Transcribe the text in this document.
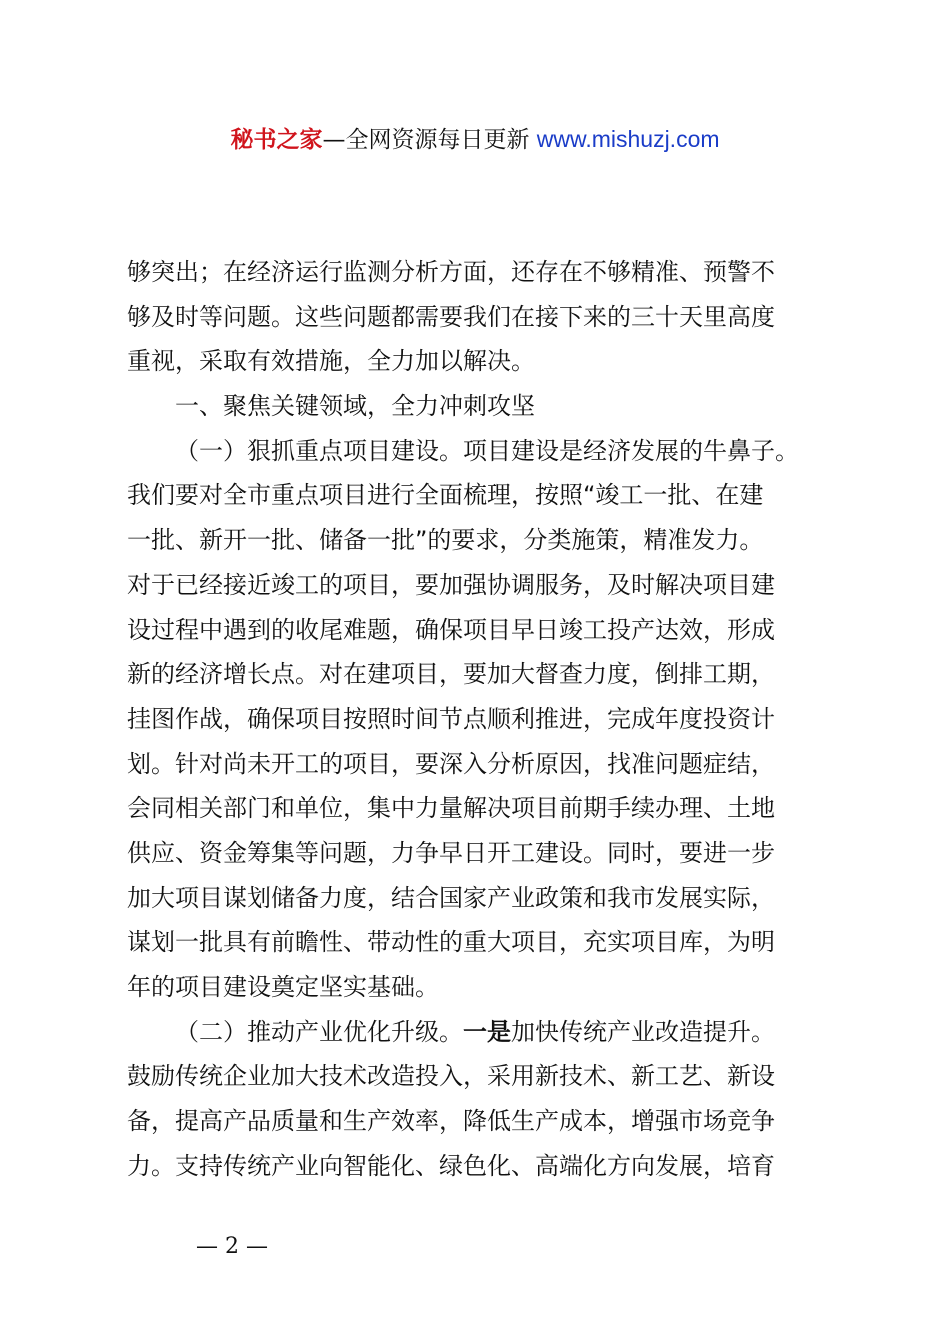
秘书之家—全网资源每日更新 www.mishuzj.com
够突出；在经济运行监测分析方面，还存在不够精准、预警不
够及时等问题。这些问题都需要我们在接下来的三十天里高度
重视，采取有效措施，全力加以解决。
一、聚焦关键领域，全力冲刺攻坚
（一）狠抓重点项目建设。项目建设是经济发展的牛鼻子。
我们要对全市重点项目进行全面梳理，按照“竣工一批、在建
一批、新开一批、储备一批”的要求，分类施策，精准发力。
对于已经接近竣工的项目，要加强协调服务，及时解决项目建
设过程中遇到的收尾难题，确保项目早日竣工投产达效，形成
新的经济增长点。对在建项目，要加大督查力度，倒排工期，
挂图作战，确保项目按照时间节点顺利推进，完成年度投资计
划。针对尚未开工的项目，要深入分析原因，找准问题症结，
会同相关部门和单位，集中力量解决项目前期手续办理、土地
供应、资金筹集等问题，力争早日开工建设。同时，要进一步
加大项目谋划储备力度，结合国家产业政策和我市发展实际，
谋划一批具有前瞻性、带动性的重大项目，充实项目库，为明
年的项目建设奠定坚实基础。
（二）推动产业优化升级。一是加快传统产业改造提升。
鼓励传统企业加大技术改造投入，采用新技术、新工艺、新设
备，提高产品质量和生产效率，降低生产成本，增强市场竞争
力。支持传统产业向智能化、绿色化、高端化方向发展，培育
— 2 —
